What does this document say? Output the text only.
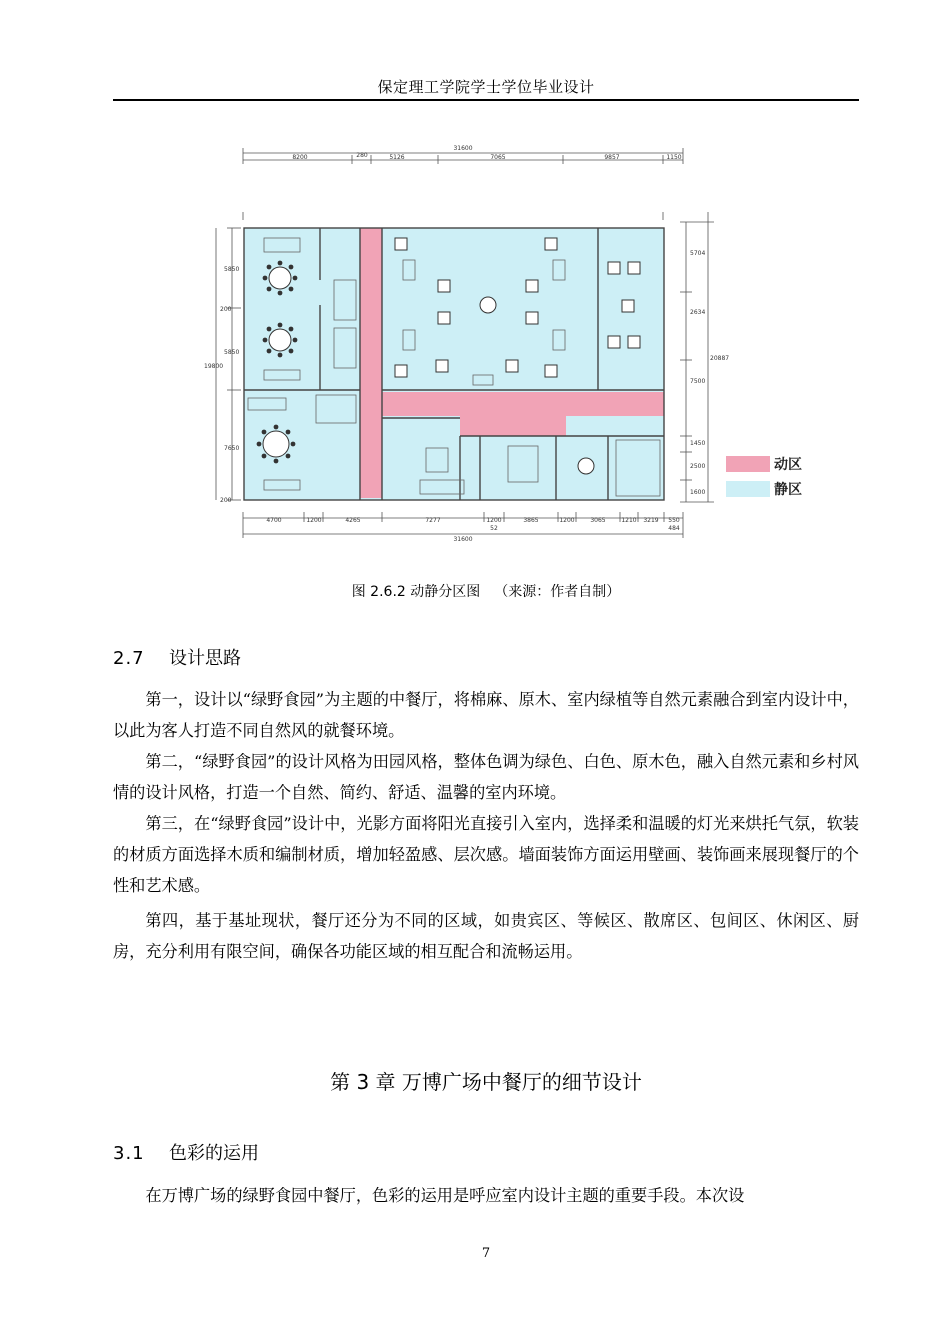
保定理工学院学士学位毕业设计
31600
8200	280	5126	7065	9857	1150
5850
200
5850
19800
7650
200
5704
2634
20887
7500
1450
2500
1600
4700	1200	4265	7277	1200
52
3865	1200	3065	1210 3219 550
484
31600
动区
静区
图 2.6.2 动静分区图 （来源：作者自制）
2.7 设计思路

第一，设计以“绿野食园”为主题的中餐厅，将棉麻、原木、室内绿植等自然元素融合到室内设计中，以此为客人打造不同自然风的就餐环境。

第二，“绿野食园”的设计风格为田园风格，整体色调为绿色、白色、原木色，融入自然元素和乡村风情的设计风格，打造一个自然、简约、舒适、温馨的室内环境。

第三，在“绿野食园”设计中，光影方面将阳光直接引入室内，选择柔和温暖的灯光来烘托气氛，软装的材质方面选择木质和编制材质，增加轻盈感、层次感。墙面装饰方面运用壁画、装饰画来展现餐厅的个性和艺术感。

第四，基于基址现状，餐厅还分为不同的区域，如贵宾区、等候区、散席区、包间区、休闲区、厨房，充分利用有限空间，确保各功能区域的相互配合和流畅运用。

第 3 章 万博广场中餐厅的细节设计
3.1 色彩的运用

在万博广场的绿野食园中餐厅，色彩的运用是呼应室内设计主题的重要手段。本次设

7
